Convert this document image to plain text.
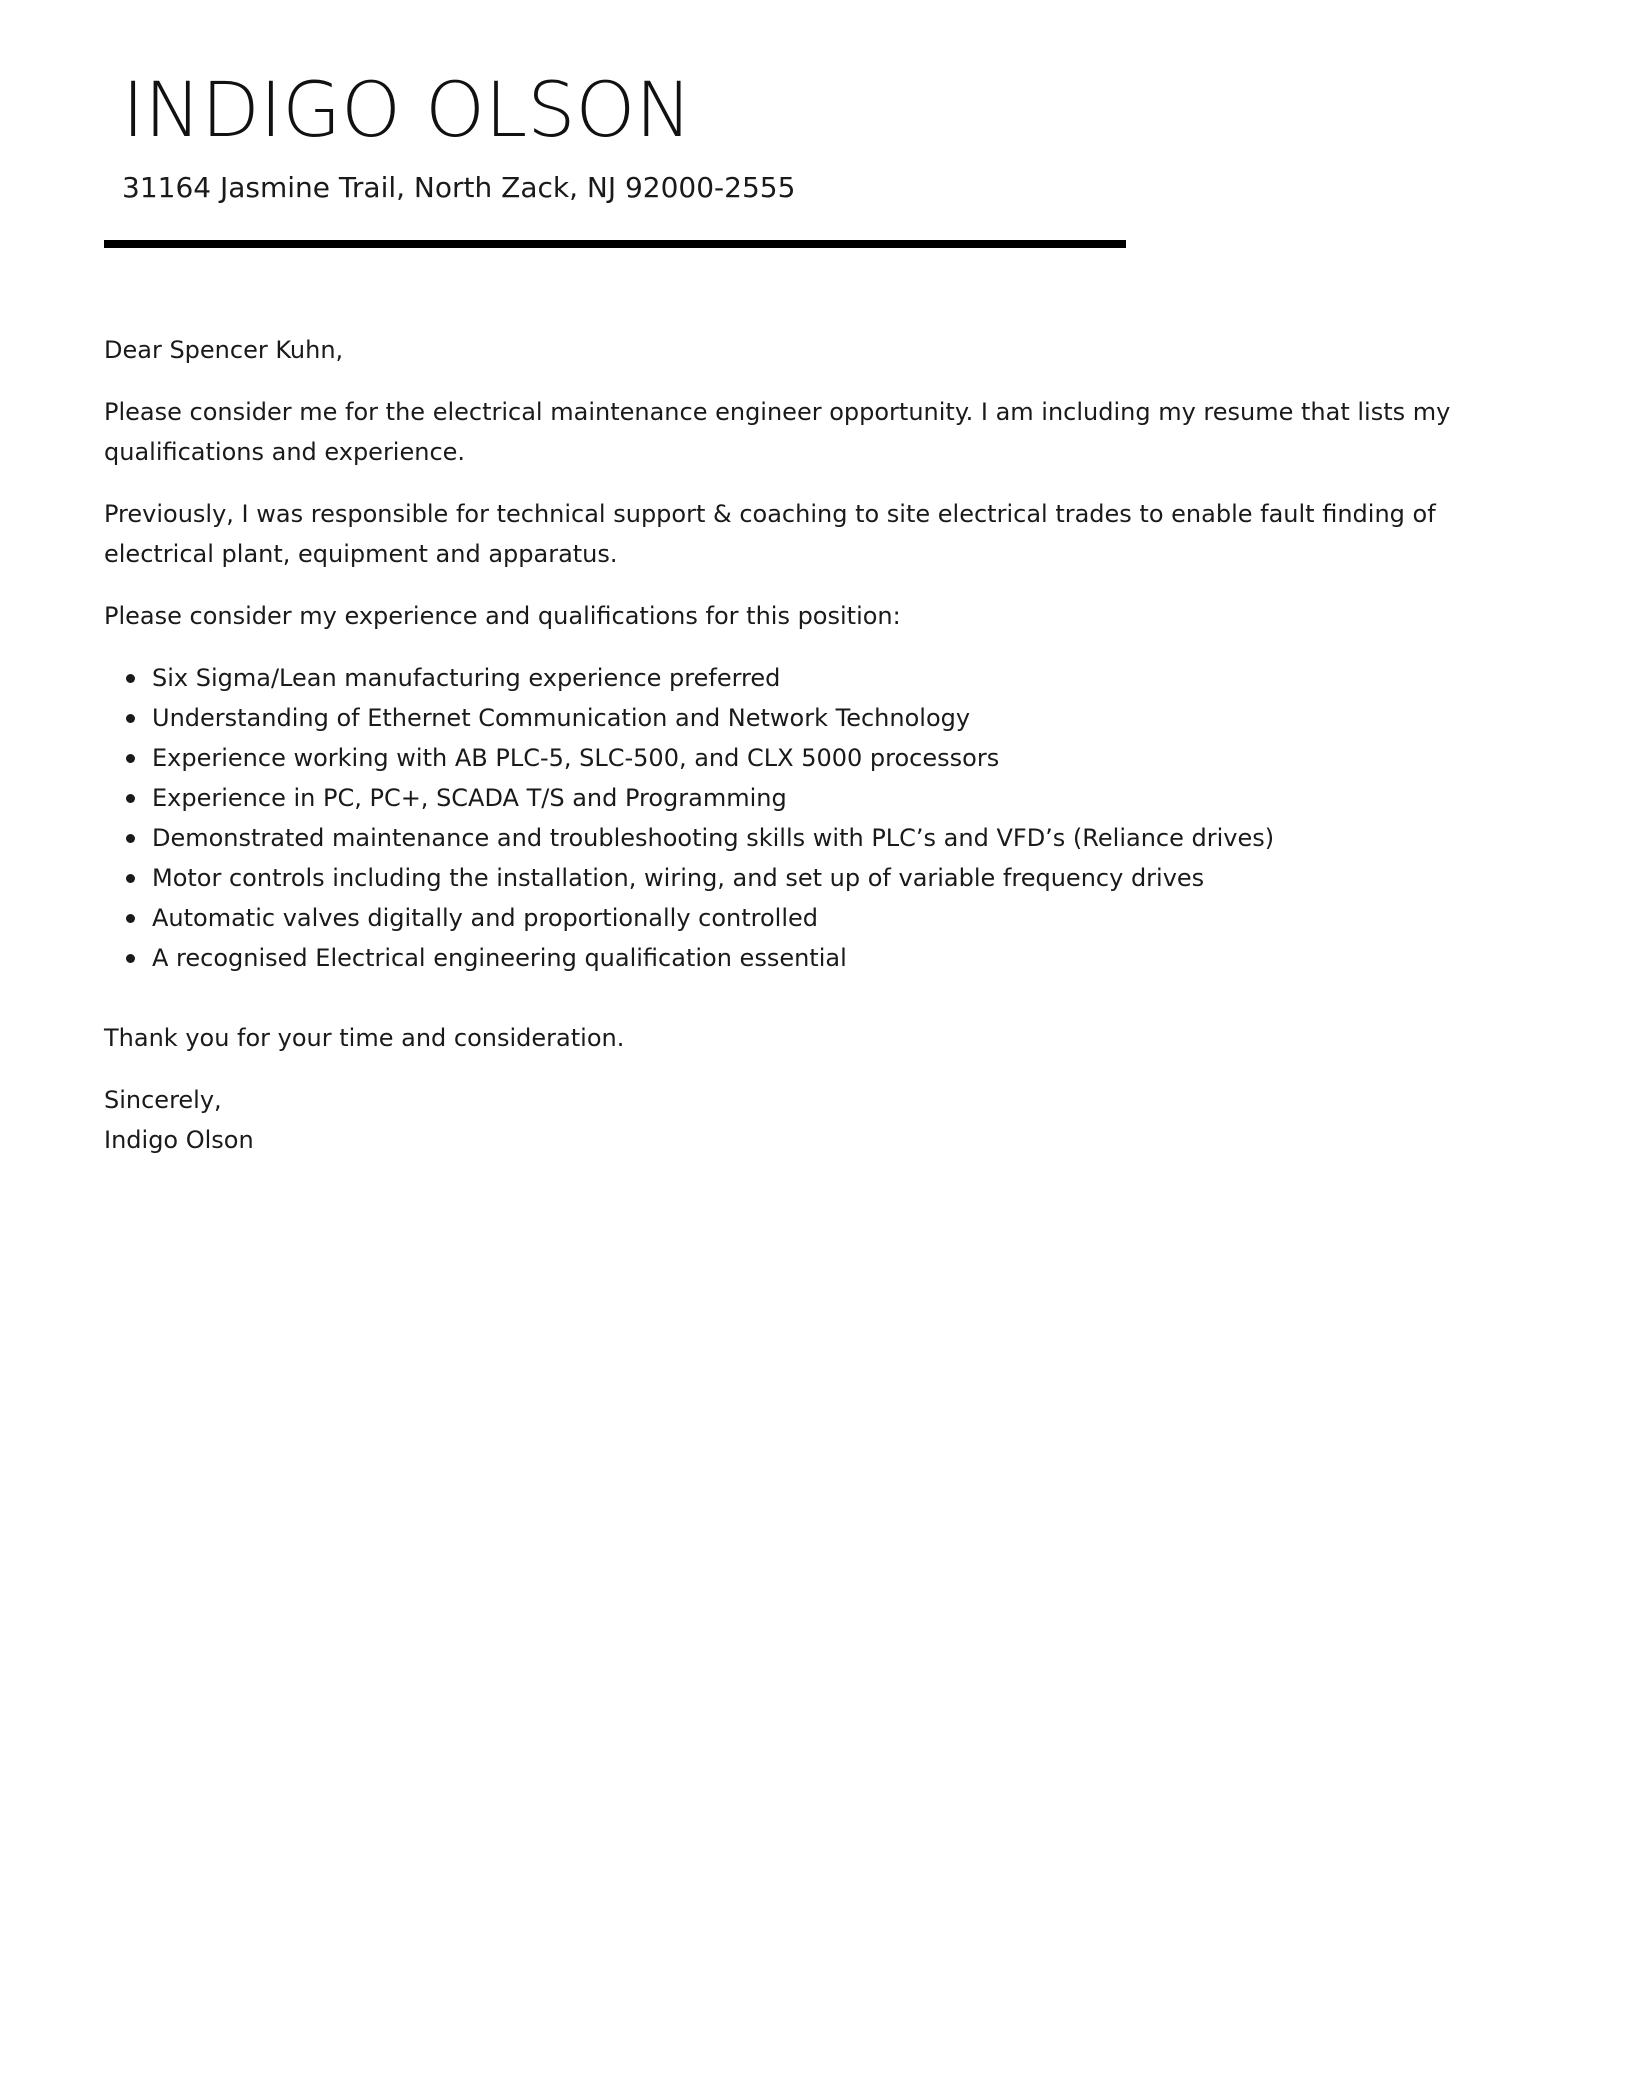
INDIGO OLSON
31164 Jasmine Trail, North Zack, NJ 92000-2555

Dear Spencer Kuhn,

Please consider me for the electrical maintenance engineer opportunity. I am including my resume that lists my qualifications and experience.

Previously, I was responsible for technical support & coaching to site electrical trades to enable fault finding of electrical plant, equipment and apparatus.

Please consider my experience and qualifications for this position:

Six Sigma/Lean manufacturing experience preferred
Understanding of Ethernet Communication and Network Technology
Experience working with AB PLC-5, SLC-500, and CLX 5000 processors
Experience in PC, PC+, SCADA T/S and Programming
Demonstrated maintenance and troubleshooting skills with PLC’s and VFD’s (Reliance drives)
Motor controls including the installation, wiring, and set up of variable frequency drives
Automatic valves digitally and proportionally controlled
A recognised Electrical engineering qualification essential

Thank you for your time and consideration.

Sincerely,

Indigo Olson
